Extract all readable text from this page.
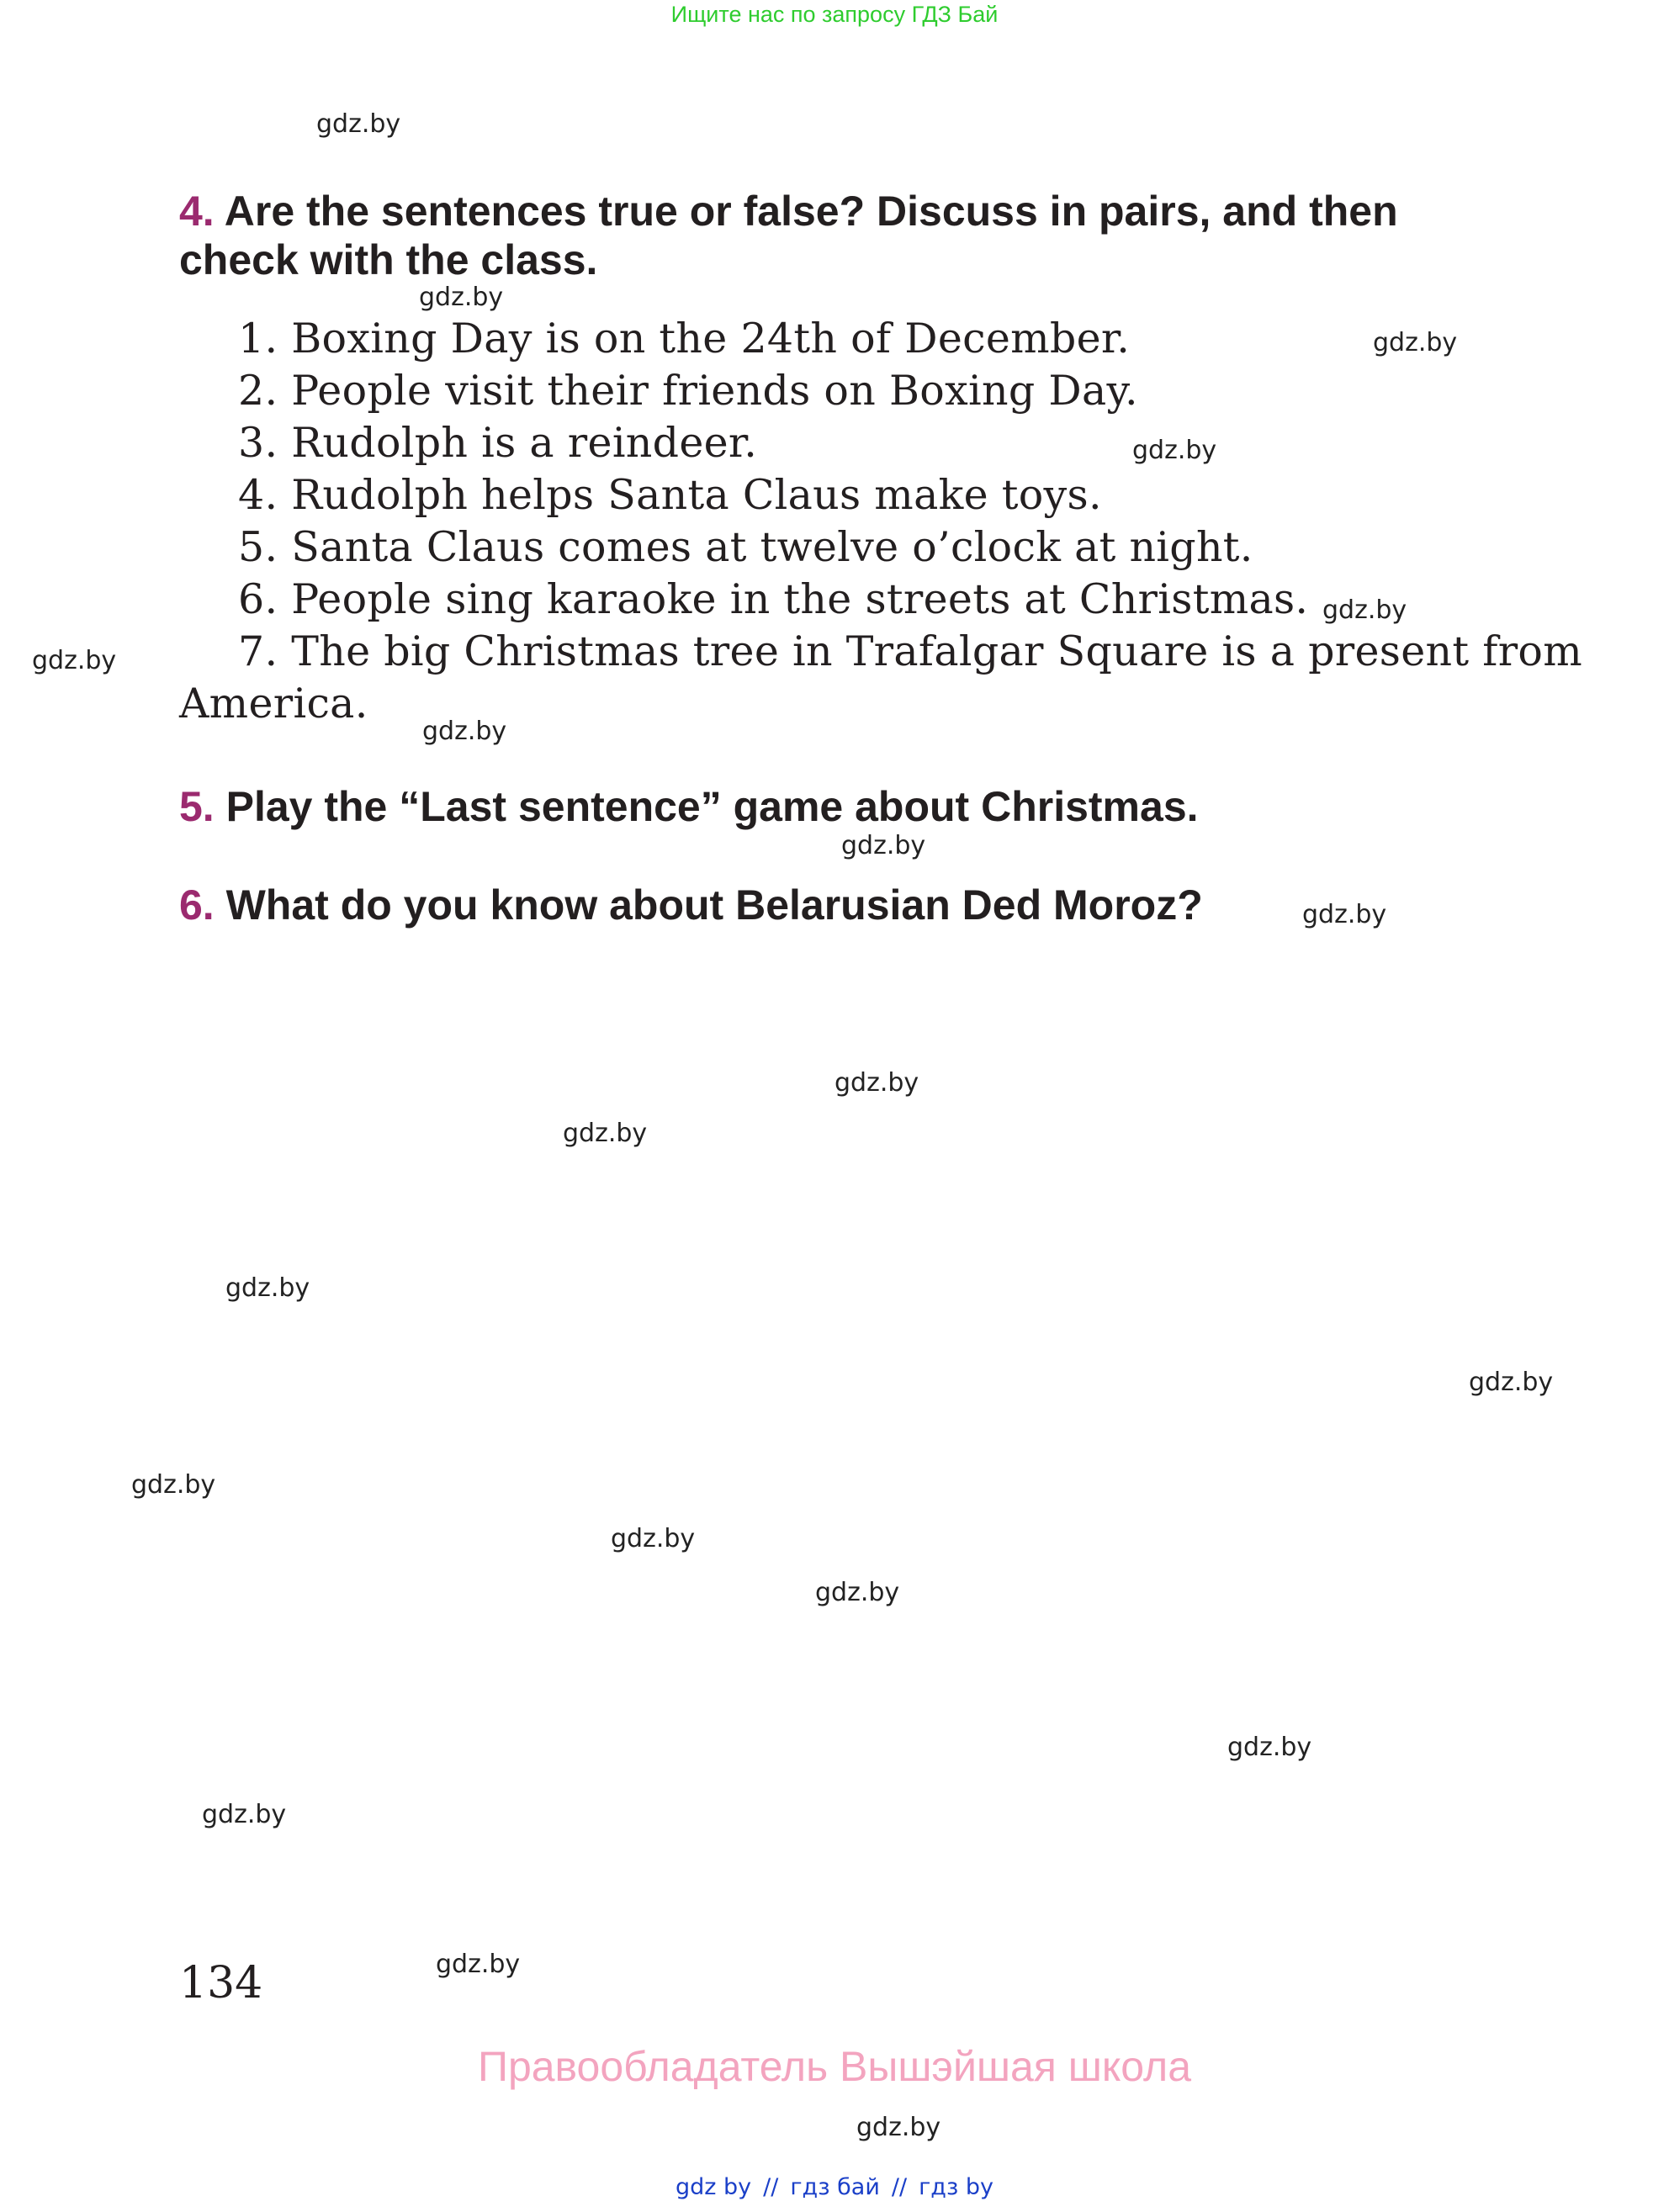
Ищите нас по запросу ГДЗ Бай
4. Are the sentences true or false? Discuss in pairs, and then check with the class.
1. Boxing Day is on the 24th of December.
2. People visit their friends on Boxing Day.
3. Rudolph is a reindeer.
4. Rudolph helps Santa Claus make toys.
5. Santa Claus comes at twelve o’clock at night.
6. People sing karaoke in the streets at Christmas.
7. The big Christmas tree in Trafalgar Square is a present from
America.
5. Play the “Last sentence” game about Christmas.
6. What do you know about Belarusian Ded Moroz?
gdz.by
gdz.by
gdz.by
gdz.by
gdz.by
gdz.by
gdz.by
gdz.by
gdz.by
gdz.by
gdz.by
gdz.by
gdz.by
gdz.by
gdz.by
gdz.by
gdz.by
gdz.by
gdz.by
gdz.by
134
Правообладатель Вышэйшая школа
gdz by // гдз бай // гдз by
